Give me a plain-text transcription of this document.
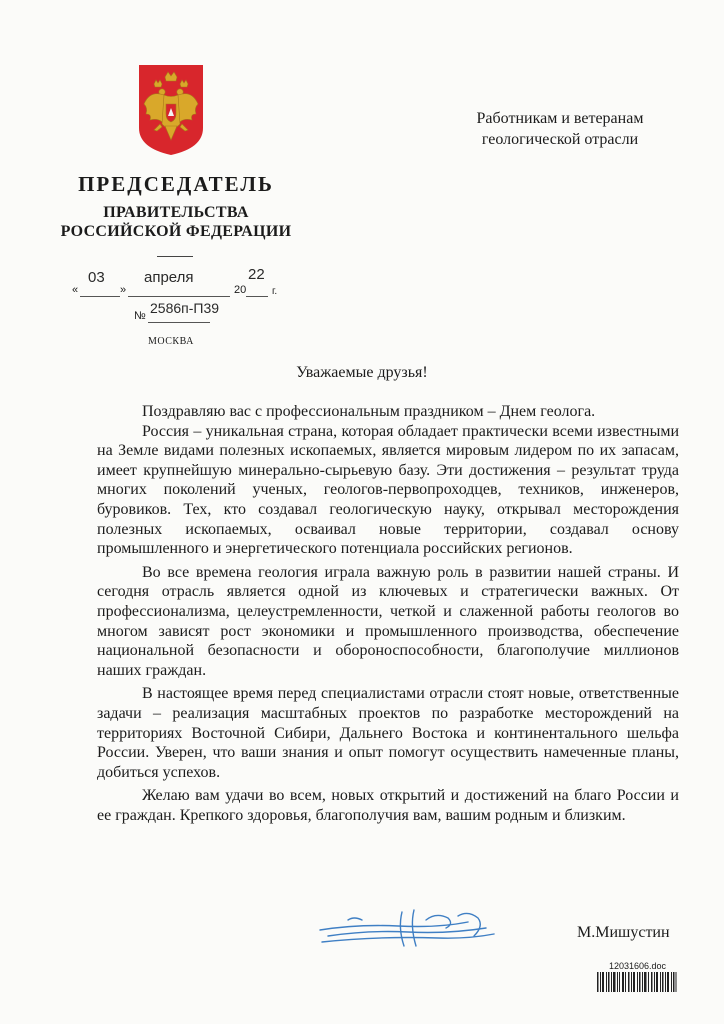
Работникам и ветеранам
геологической отрасли
ПРЕДСЕДАТЕЛЬ
ПРАВИТЕЛЬСТВА
РОССИЙСКОЙ ФЕДЕРАЦИИ
«
03
»
апреля
20
22
г.
№ 2586п-П39
МОСКВА
Уважаемые друзья!

Поздравляю вас с профессиональным праздником – Днем геолога.

Россия – уникальная страна, которая обладает практически всеми известными на Земле видами полезных ископаемых, является мировым лидером по их запасам, имеет крупнейшую минерально-сырьевую базу. Эти достижения – результат труда многих поколений ученых, геологов-первопроходцев, техников, инженеров, буровиков. Тех, кто создавал геологическую науку, открывал месторождения полезных ископаемых, осваивал новые территории, создавал основу промышленного и энергетического потенциала российских регионов.

Во все времена геология играла важную роль в развитии нашей страны. И сегодня отрасль является одной из ключевых и стратегически важных. От профессионализма, целеустремленности, четкой и слаженной работы геологов во многом зависят рост экономики и промышленного производства, обеспечение национальной безопасности и обороноспособности, благополучие миллионов наших граждан.

В настоящее время перед специалистами отрасли стоят новые, ответственные задачи – реализация масштабных проектов по разработке месторождений на территориях Восточной Сибири, Дальнего Востока и континентального шельфа России. Уверен, что ваши знания и опыт помогут осуществить намеченные планы, добиться успехов.

Желаю вам удачи во всем, новых открытий и достижений на благо России и ее граждан. Крепкого здоровья, благополучия вам, вашим родным и близким.

М.Мишустин
12031606.doc
